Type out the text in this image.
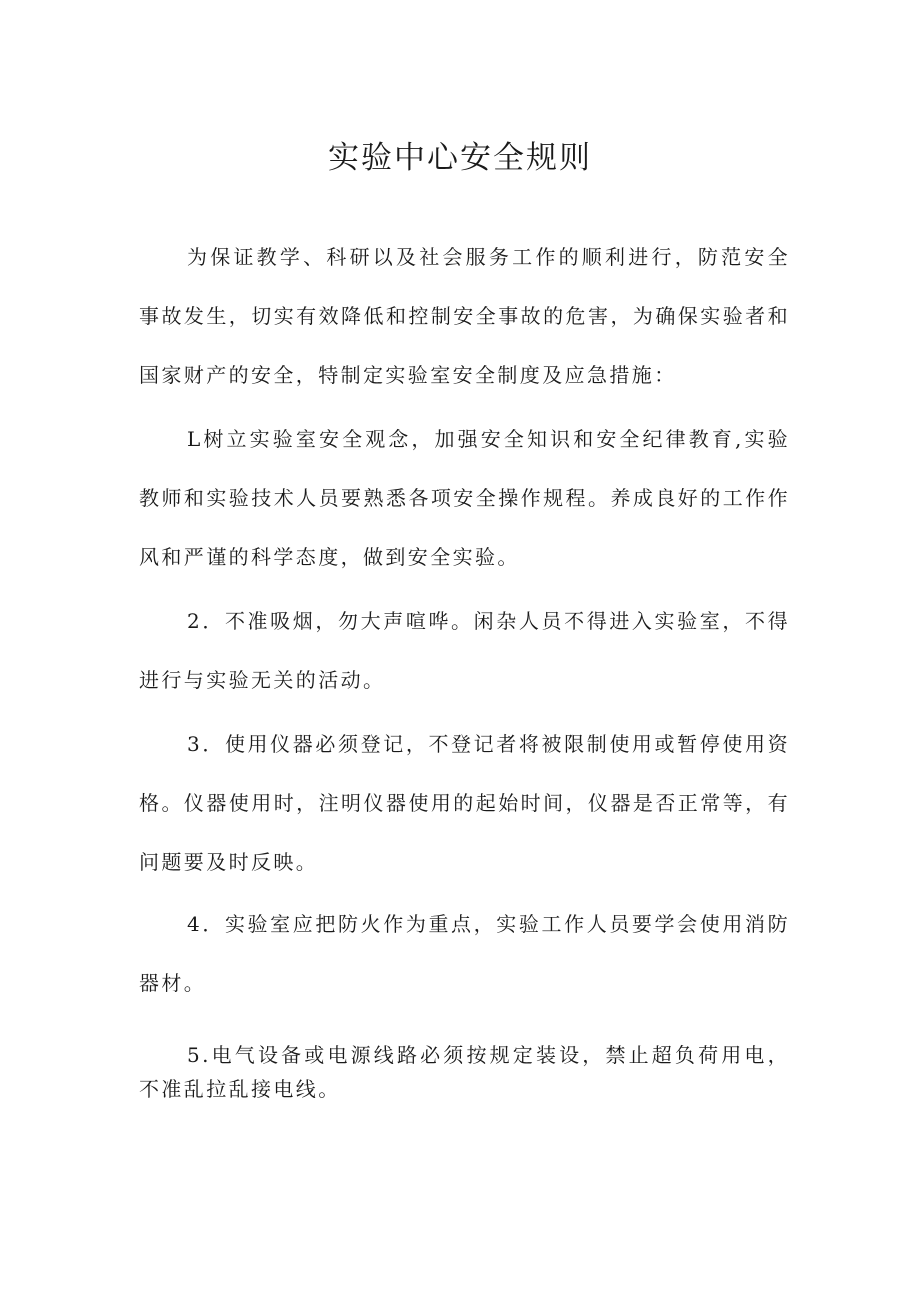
实验中心安全规则

为保证教学、科研以及社会服务工作的顺利进行，防范安全事故发生，切实有效降低和控制安全事故的危害，为确保实验者和国家财产的安全，特制定实验室安全制度及应急措施：

L树立实验室安全观念，加强安全知识和安全纪律教育,实验教师和实验技术人员要熟悉各项安全操作规程。养成良好的工作作风和严谨的科学态度，做到安全实验。

2．不准吸烟，勿大声喧哗。闲杂人员不得进入实验室，不得进行与实验无关的活动。

3．使用仪器必须登记，不登记者将被限制使用或暂停使用资格。仪器使用时，注明仪器使用的起始时间，仪器是否正常等，有问题要及时反映。

4．实验室应把防火作为重点，实验工作人员要学会使用消防器材。

5.电气设备或电源线路必须按规定装设，禁止超负荷用电，不准乱拉乱接电线。
